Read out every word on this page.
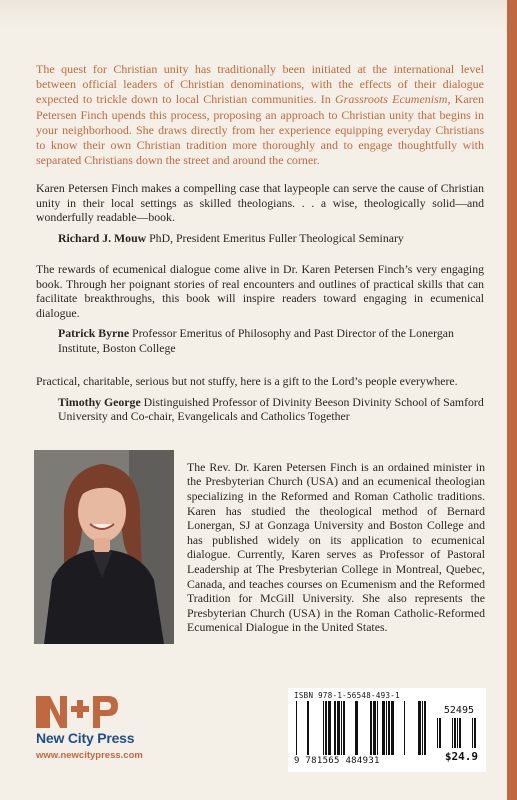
The quest for Christian unity has traditionally been initiated at the international level between official leaders of Christian denominations, with the effects of their dialogue expected to trickle down to local Christian communities. In Grassroots Ecumenism, Karen Petersen Finch upends this process, proposing an approach to Christian unity that begins in your neighborhood. She draws directly from her experience equipping everyday Christians to know their own Christian tradition more thoroughly and to engage thoughtfully with separated Christians down the street and around the corner.

Karen Petersen Finch makes a compelling case that laypeople can serve the cause of Christian unity in their local settings as skilled theologians. . . a wise, theologically solid—and wonderfully readable—book.

Richard J. Mouw PhD, President Emeritus Fuller Theological Seminary

The rewards of ecumenical dialogue come alive in Dr. Karen Petersen Finch’s very engaging book. Through her poignant stories of real encounters and outlines of practical skills that can facilitate breakthroughs, this book will inspire readers toward engaging in ecumenical dialogue.

Patrick Byrne Professor Emeritus of Philosophy and Past Director of the Lonergan Institute, Boston College

Practical, charitable, serious but not stuffy, here is a gift to the Lord’s people everywhere.

Timothy George Distinguished Professor of Divinity Beeson Divinity School of Samford University and Co-chair, Evangelicals and Catholics Together

The Rev. Dr. Karen Petersen Finch is an ordained minister in the Presbyterian Church (USA) and an ecumenical theologian specializing in the Reformed and Roman Catholic traditions. Karen has studied the theological method of Bernard Lonergan, SJ at Gonzaga University and Boston College and has published widely on its application to ecumenical dialogue. Currently, Karen serves as Professor of Pastoral Leadership at The Presbyterian College in Montreal, Quebec, Canada, and teaches courses on Ecumenism and the Reformed Tradition for McGill University. She also represents the Presbyterian Church (USA) in the Roman Catholic-Reformed Ecumenical Dialogue in the United States.

New City Press
www.newcitypress.com
ISBN 978-1-56548-493-1
52495
9 781565 484931	$24.9
